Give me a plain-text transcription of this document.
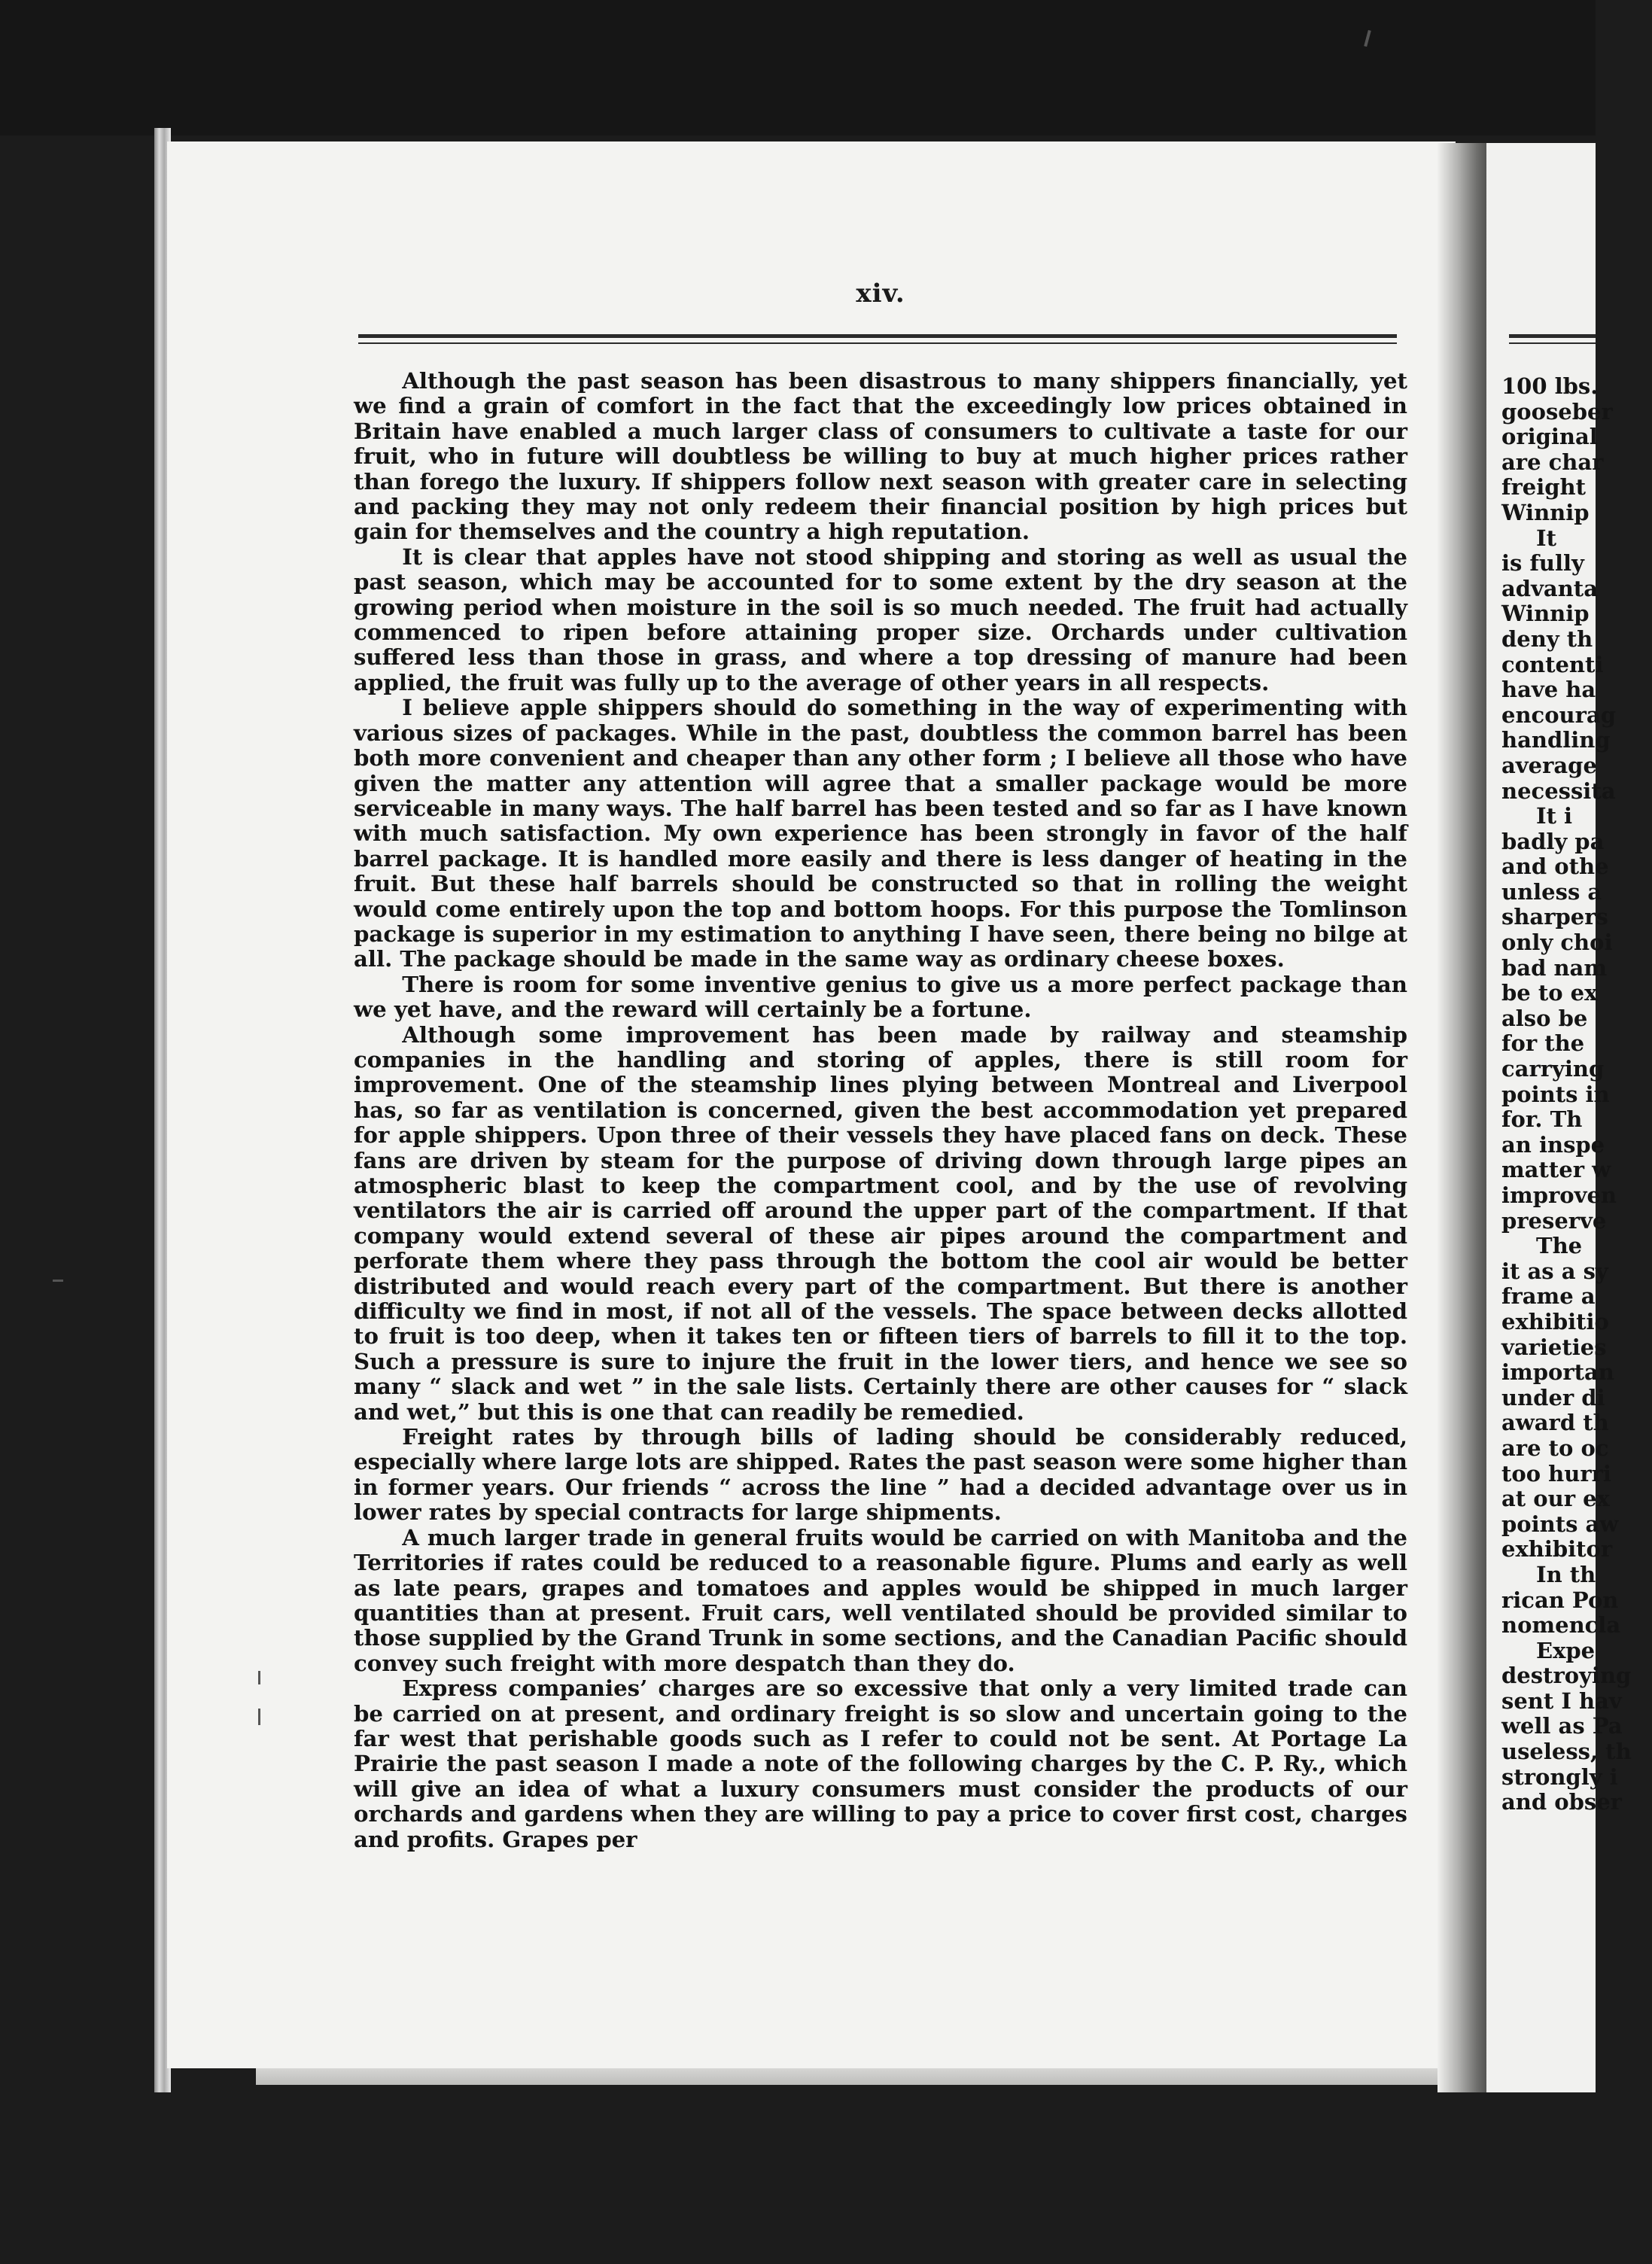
xiv.

Although the past season has been disastrous to many shippers financially, yet we find a grain of comfort in the fact that the exceedingly low prices obtained in Britain have enabled a much larger class of consumers to cultivate a taste for our fruit, who in future will doubtless be willing to buy at much higher prices rather than forego the luxury. If shippers follow next season with greater care in selecting and packing they may not only redeem their financial position by high prices but gain for themselves and the country a high reputation.

It is clear that apples have not stood shipping and storing as well as usual the past season, which may be accounted for to some extent by the dry season at the growing period when moisture in the soil is so much needed. The fruit had actually commenced to ripen before attaining proper size. Orchards under cultivation suffered less than those in grass, and where a top dressing of manure had been applied, the fruit was fully up to the average of other years in all respects.

I believe apple shippers should do something in the way of experimenting with various sizes of packages. While in the past, doubtless the common barrel has been both more convenient and cheaper than any other form ; I believe all those who have given the matter any attention will agree that a smaller package would be more serviceable in many ways. The half barrel has been tested and so far as I have known with much satisfaction. My own experience has been strongly in favor of the half barrel package. It is handled more easily and there is less danger of heating in the fruit. But these half barrels should be constructed so that in rolling the weight would come entirely upon the top and bottom hoops. For this purpose the Tomlinson package is superior in my estimation to anything I have seen, there being no bilge at all. The package should be made in the same way as ordinary cheese boxes.

There is room for some inventive genius to give us a more perfect package than we yet have, and the reward will certainly be a fortune.

Although some improvement has been made by railway and steamship companies in the handling and storing of apples, there is still room for improvement. One of the steamship lines plying between Montreal and Liverpool has, so far as ventilation is concerned, given the best accommodation yet prepared for apple shippers. Upon three of their vessels they have placed fans on deck. These fans are driven by steam for the purpose of driving down through large pipes an atmospheric blast to keep the compartment cool, and by the use of revolving ventilators the air is carried off around the upper part of the compartment. If that company would extend several of these air pipes around the compartment and perforate them where they pass through the bottom the cool air would be better distributed and would reach every part of the compartment. But there is another difficulty we find in most, if not all of the vessels. The space between decks allotted to fruit is too deep, when it takes ten or fifteen tiers of barrels to fill it to the top. Such a pressure is sure to injure the fruit in the lower tiers, and hence we see so many “ slack and wet ” in the sale lists. Certainly there are other causes for “ slack and wet,” but this is one that can readily be remedied.

Freight rates by through bills of lading should be considerably reduced, especially where large lots are shipped. Rates the past season were some higher than in former years. Our friends “ across the line ” had a decided advantage over us in lower rates by special contracts for large shipments.

A much larger trade in general fruits would be carried on with Manitoba and the Territories if rates could be reduced to a reasonable figure. Plums and early as well as late pears, grapes and tomatoes and apples would be shipped in much larger quantities than at present. Fruit cars, well ventilated should be provided similar to those supplied by the Grand Trunk in some sections, and the Canadian Pacific should convey such freight with more despatch than they do.

Express companies’ charges are so excessive that only a very limited trade can be carried on at present, and ordinary freight is so slow and uncertain going to the far west that perishable goods such as I refer to could not be sent. At Portage La Prairie the past season I made a note of the following charges by the C. P. Ry., which will give an idea of what a luxury consumers must consider the products of our orchards and gardens when they are willing to pay a price to cover first cost, charges and profits. Grapes per

100 lbs.
gooseber
original
are char
freight
Winnip
It
is fully
advanta
Winnip
deny th
contenti
have ha
encourag
handling
average
necessita
It i
badly pa
and othe
unless a
sharpers
only choi
bad nam
be to ex
also be
for the
carrying
points in
for. Th
an inspe
matter w
improven
preserve
The
it as a sy
frame a
exhibitio
varieties
importan
under di
award th
are to oc
too hurri
at our ex
points aw
exhibitor
In th
rican Pon
nomencla
Expe
destroying
sent I hav
well as Pa
useless, th
strongly i
and obser
